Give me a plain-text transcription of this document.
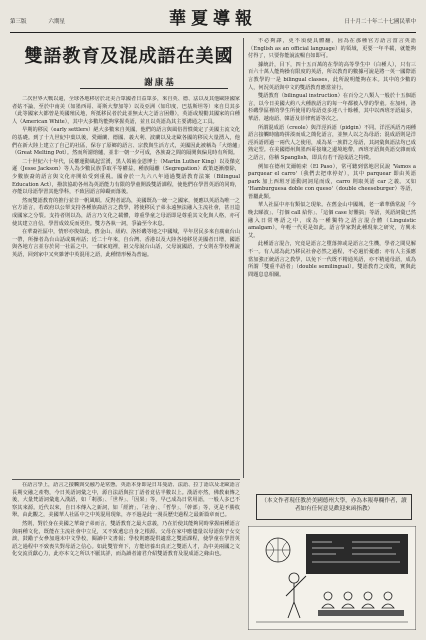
第三版　　　　六期星	華夏導報	日十月二十年二十七國民華中
雙語教育及混成語在美國
謝康基

二次世界大戰以還，全球各地移居於北美合眾國者日益眾多，來自英、德、法以及其他歐陸國家者姑不論，至於中南美（如墨西哥、哥斯大黎加等）以及亞洲（如印度、巴基斯坦等）來自貝其多（此等國家大都曾是英國殖民地，所抵移民者於此並無太大之語言困難），英語或規勸其國家的白種人（American White），其中大多數均能夠掌握英語，並且以英語為其主要溝通之工具。

早期的移民（early settlers）絕大多數來自英國，他們的語言與風俗習慣奠定了美國主流文化的基礎。到了十九世紀中葉以後，愛爾蘭、德國、義大利、波蘭以及北歐各國的移民大量湧入，他們在新大陸上建立了自己的社區，保存了原鄉的語言、宗教與生活方式，美國因此被稱為「大熔爐」（Great Melting Pot）。然而所謂熔爐，並非一朝一夕可成，各族裔之間的隔閡與偏見時有所聞。

二十世紀六十年代，民權運動風起雲湧，黑人領袖金恩博士（Martin Luther King）以及傑克遜（Jesse Jackson）等人為少數民族爭取平等權益，種族隔離（Segregation）政策逐漸廢除，少數族裔的語言與文化亦開始受到重視。國會於一九六八年通過雙語教育法案（Bilingual Education Act），撥款協助各州為英語能力有限的學童開設雙語課程，使他們在學習英語的同時，亦能以母語學習其他學科，不致因語言障礙而落後。

然而雙語教育的推行並非一帆風順。反對者認為，美國既為一統一之國家，便應以英語為唯一之官方語言，若政府以公帑支持各種族裔語言之教學，將使移民子弟永遠無法融入主流社會，甚且造成國家之分裂。支持者則以為，語言乃文化之載體，尊重學童之母語即是尊重其文化與人格，亦可使其建立自信，學習成效反而更佳。雙方各執一詞，爭論至今未息。

在華裔社區中，情形亦復如此。舊金山、紐約、洛杉磯等地之中國城，早年居民多來自廣東台山一帶，所操者為台山話或廣州話；近二十年來，自台灣、香港以及大陸各地移居美國者日增，國語與各地方言並存於同一社區之中。一個家庭裡，祖父母說台山話，父母說國語，子女則在學校裡說英語，回到家中又夾雜著中英混用之語，此種情形極為普遍。

不必夠譯，更不須使具體翻，因為在那種官方語言當言英語（English as an official language）的領域，更要一年半載，就能夠付得了，只要你能說流暢自如即可。

據統計，目下，四十五百萬的在學的高等學生中（白種人），只有三百六十萬人能夠操有限度的英語，所以教育的數據可說是將一英一國際語言教學的一是 bilingual classes，此所說明能夠在本。其中的少數的人，何況英語與中文的雙語教育應當並行。

雙語教育（bilingual instruction）在百分之八類人一般於十五個語言，以今日美國大約八大種族語言的每一年都被入學的學童。在加州，洛杉磯學區裡的學生所使用的母語竟多達八十餘種，其中以西班牙語最多，華語、越南語、韓語及菲律賓語等次之。

所謂混成語（creole）與洋涇浜語（pidgin）不同。洋涇浜語乃兩種語言接觸時臨時拼湊而成之簡化語言，並無人以之為母語；混成語則是洋涇浜語經過一兩代人之使用，成為某一族群之母語，其詞彙與語法均已成熟定型。在美國德州與墨西哥接壤之邊境地帶，西班牙語與英語交雜而成之語言，俗稱 Spanglish，即具有若干混成語之特徵。

例如在德州艾爾帕索（El Paso），常可聽到當地居民說 'Vamos a parquear el carro'（我們去把車停好），其中 parquear 即由英語 park 加上西班牙語動詞詞尾而成，carro 則取英語 car 之義。又如 'Hamburguesa doble con queso'（double cheeseburger）等語，皆屬此類。

華人社區中亦有類似之現象。在舊金山中國城，老一輩華僑常說「今晚去睇波」、「打個 call 給你」、「這個 case 好難搞」等語，英語詞彙已然融入日常粵語之中，成為一種獨特之語言混合體（Linguistic amalgam），年輕一代更是如此。語言學家對此種現象之研究，方興未艾。

此種語言混合，究竟是語言之墮落抑或是語言之生機，學者之間見解不一。有人認為此乃移民社會必然之過程，不必過於憂慮；亦有人主張應當加強正統語言之教學，以免下一代既不精通英語，亦不精通母語，成為所謂「雙重半語者」（double semilingual）。雙語教育之成敗，實與此問題息息相關。

在語言學上，語言之接觸與交融乃是常態。英語本身即是日耳曼語、法語、拉丁語以及北歐語言長期交融之產物，今日英語詞彙之中，源自法語與拉丁語者竟佔半數以上。漢語亦然，佛教東傳之後，大量梵語詞彙進入漢語，如「剎那」、「世界」、「因果」等，早已成為日常用語，一般人多已不察其來源。近代以來，自日本傳入之新詞，如「經濟」、「社會」、「哲學」、「幹部」等，更是不勝枚舉。由此觀之，美國華人社區中之中英混用現象，亦不過是此一漫長歷史過程之最新篇章而已。

然則，對於身在美國之華裔子弟而言，雙語教育之最大意義，乃在於使其能夠同時掌握兩種語言與兩種文化，既能在主流社會中立足，又不致遺忘自身之根源。父母在家中應儘量以母語與子女交談，鼓勵子女參加週末中文學校，閱讀中文書報；學校則應提供適當之雙語課程，使學童在學習英語之過程中不致喪失對母語之信心。如此雙管齊下，方能培養出真正之雙語人才，為中美兩國之文化交流貢獻心力，此亦本文之所以不厭其詳，而為讀者諸君介紹雙語教育及混成語之緣由也。

（本文作者現任教於美國德州大學，亦為本報專欄作者，讀者如有任何意見歡迎來函指教）
